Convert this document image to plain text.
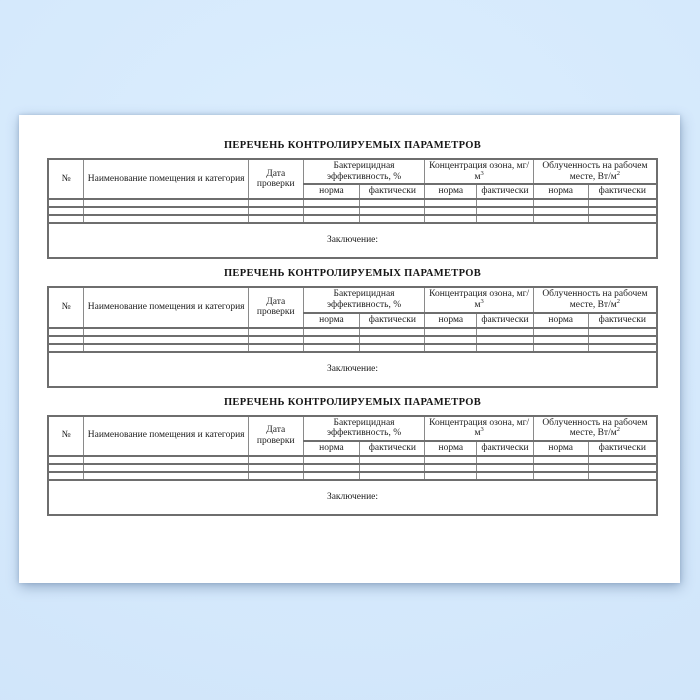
ПЕРЕЧЕНЬ КОНТРОЛИРУЕМЫХ ПАРАМЕТРОВ
№	Наименование помещения и категория	Дата проверки	Бактерицидная эффективность, %		Концентрация озона, $мг/м^3$		Облученность на рабочем месте, $Вт/м^2$
			норма	фактически	норма	фактически	норма	фактически

Заключение:								
ПЕРЕЧЕНЬ КОНТРОЛИРУЕМЫХ ПАРАМЕТРОВ
№	Наименование помещения и категория	Дата проверки	Бактерицидная эффективность, %		Концентрация озона, $мг/м^3$		Облученность на рабочем месте, $Вт/м^2$
			норма	фактически	норма	фактически	норма	фактически

Заключение:								
ПЕРЕЧЕНЬ КОНТРОЛИРУЕМЫХ ПАРАМЕТРОВ
№	Наименование помещения и категория	Дата проверки	Бактерицидная эффективность, %		Концентрация озона, $мг/м^3$		Облученность на рабочем месте, $Вт/м^2$
			норма	фактически	норма	фактически	норма	фактически

Заключение:								
